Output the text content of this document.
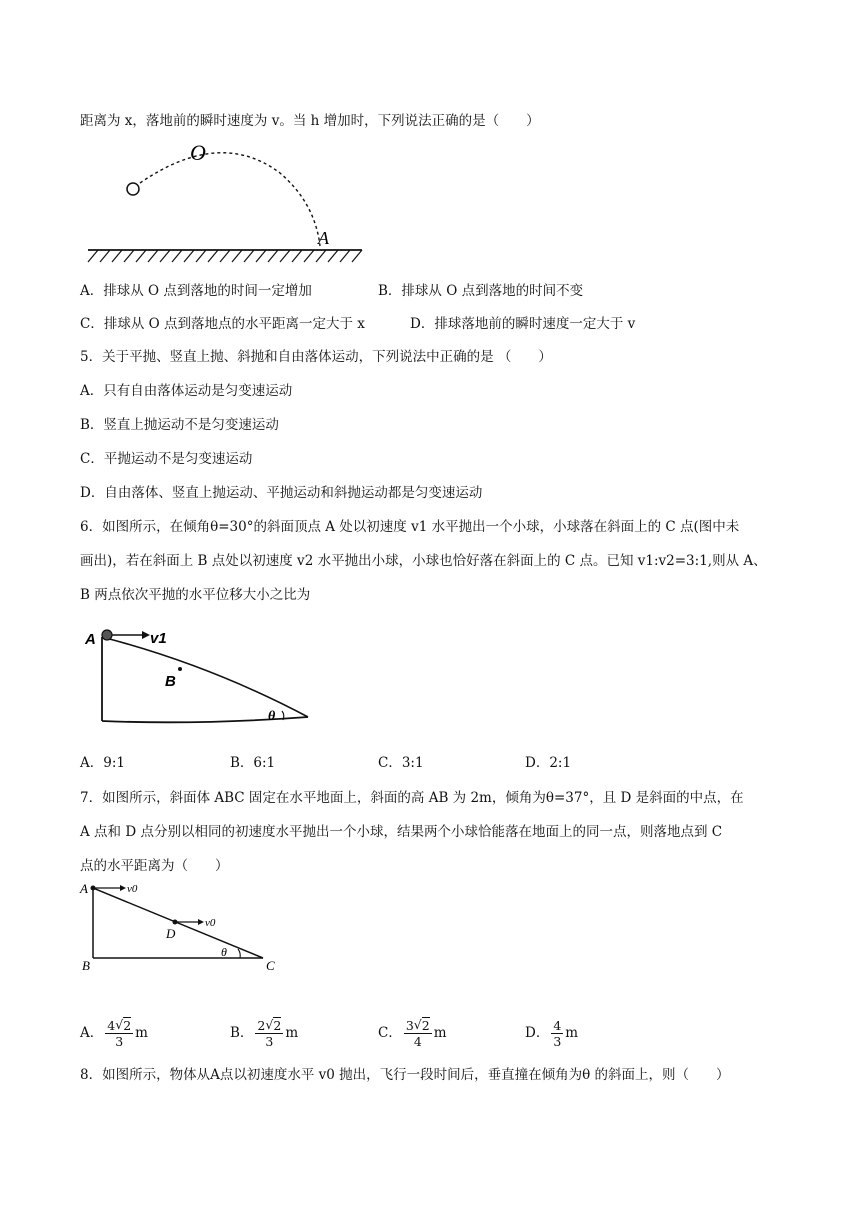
距离为 x，落地前的瞬时速度为 v。当 h 增加时，下列说法正确的是（　　）
O
A
A．排球从 O 点到落地的时间一定增加	B．排球从 O 点到落地的时间不变
C．排球从 O 点到落地点的水平距离一定大于 x	D．排球落地前的瞬时速度一定大于 v
5．关于平抛、竖直上抛、斜抛和自由落体运动，下列说法中正确的是 （　　）
A．只有自由落体运动是匀变速运动
B．竖直上抛运动不是匀变速运动
C．平抛运动不是匀变速运动
D．自由落体、竖直上抛运动、平抛运动和斜抛运动都是匀变速运动
6．如图所示，在倾角θ=30°的斜面顶点 A 处以初速度 v1 水平抛出一个小球，小球落在斜面上的 C 点(图中未
画出)，若在斜面上 B 点处以初速度 v2 水平抛出小球，小球也恰好落在斜面上的 C 点。已知 v1:v2=3:1,则从 A、
B 两点依次平抛的水平位移大小之比为
A	v1
B
θ
A．9:1	B．6:1	C．3:1	D．2:1
7．如图所示，斜面体 ABC 固定在水平地面上，斜面的高 AB 为 2m，倾角为θ=37°，且 D 是斜面的中点，在
A 点和 D 点分别以相同的初速度水平抛出一个小球，结果两个小球恰能落在地面上的同一点，则落地点到 C
点的水平距离为（　　）
A	v0
D
v0
B	C
θ
A． $\frac{4 √ 2}{3}$ m	B． $\frac{2 √ 2}{3}$ m	C． $\frac{3 √ 2}{4}$ m	D． $\frac{4}{3}$ m
8．如图所示，物体从A点以初速度水平 v0 抛出，飞行一段时间后，垂直撞在倾角为θ 的斜面上，则（　　）
